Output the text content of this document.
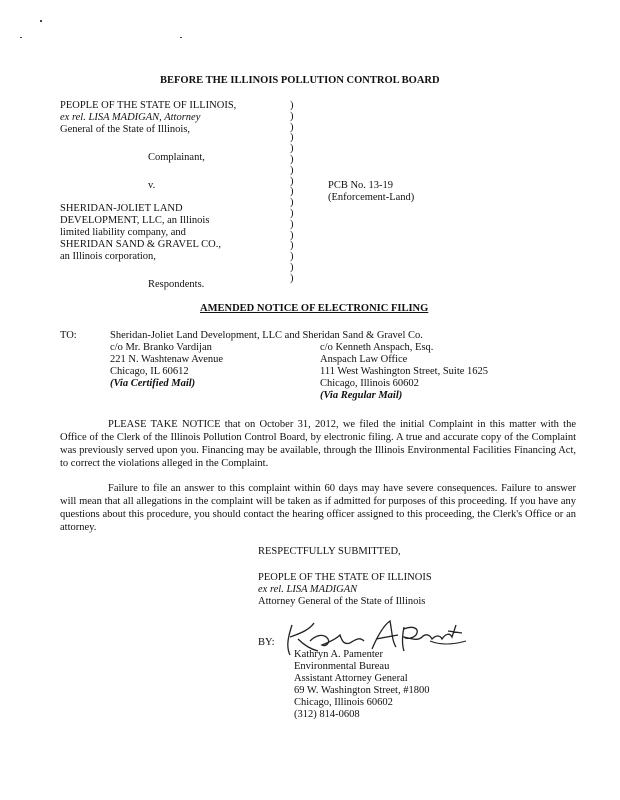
BEFORE THE ILLINOIS POLLUTION CONTROL BOARD
PEOPLE OF THE STATE OF ILLINOIS,
ex rel. LISA MADIGAN, Attorney
General of the State of Illinois,
Complainant,
v.
SHERIDAN-JOLIET LAND
DEVELOPMENT, LLC, an Illinois
limited liability company, and
SHERIDAN SAND & GRAVEL CO.,
an Illinois corporation,
Respondents.
)
)
)
)
)
)
)
)
)
)
)
)
)
)
)
)
)
PCB No. 13-19
(Enforcement-Land)
AMENDED NOTICE OF ELECTRONIC FILING
TO:	Sheridan-Joliet Land Development, LLC and Sheridan Sand & Gravel Co.
c/o Mr. Branko Vardijan
221 N. Washtenaw Avenue
Chicago, IL 60612
(Via Certified Mail)
c/o Kenneth Anspach, Esq.
Anspach Law Office
111 West Washington Street, Suite 1625
Chicago, Illinois 60602
(Via Regular Mail)
PLEASE TAKE NOTICE that on October 31, 2012, we filed the initial Complaint in this matter with the Office of the Clerk of the Illinois Pollution Control Board, by electronic filing. A true and accurate copy of the Complaint was previously served upon you. Financing may be available, through the Illinois Environmental Facilities Financing Act, to correct the violations alleged in the Complaint.
Failure to file an answer to this complaint within 60 days may have severe consequences. Failure to answer will mean that all allegations in the complaint will be taken as if admitted for purposes of this proceeding. If you have any questions about this procedure, you should contact the hearing officer assigned to this proceeding, the Clerk's Office or an attorney.
RESPECTFULLY SUBMITTED,
PEOPLE OF THE STATE OF ILLINOIS
ex rel. LISA MADIGAN
Attorney General of the State of Illinois
BY:
Kathryn A. Pamenter
Environmental Bureau
Assistant Attorney General
69 W. Washington Street, #1800
Chicago, Illinois 60602
(312) 814-0608
